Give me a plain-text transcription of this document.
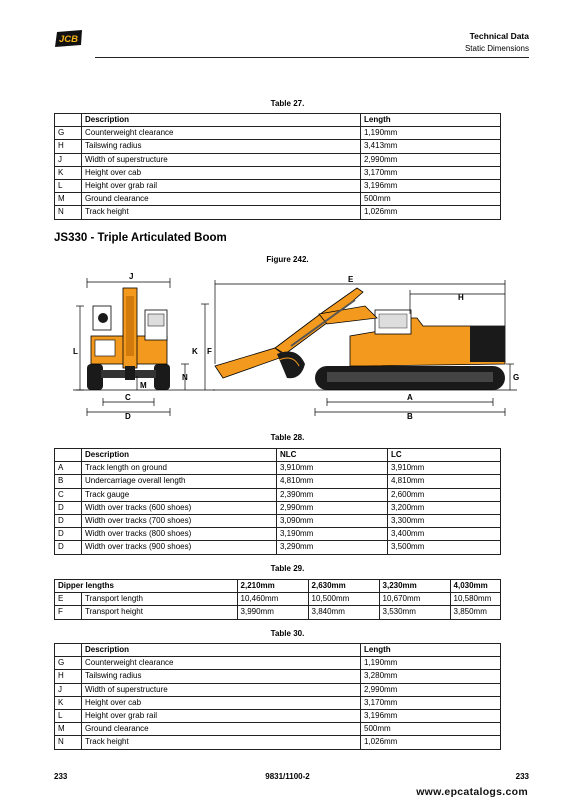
JCB	Technical Data
Static Dimensions
Table 27.
	Description	Length
G	Counterweight clearance	1,190mm
H	Tailswing radius	3,413mm
J	Width of superstructure	2,990mm
K	Height over cab	3,170mm
L	Height over grab rail	3,196mm
M	Ground clearance	500mm
N	Track height	1,026mm
JS330 - Triple Articulated Boom
Figure 242.
J
L	K
N
M
C
D
F
E
H
G
A
B
Table 28.
	Description	NLC	LC
A	Track length on ground	3,910mm	3,910mm
B	Undercarriage overall length	4,810mm	4,810mm
C	Track gauge	2,390mm	2,600mm
D	Width over tracks (600 shoes)	2,990mm	3,200mm
D	Width over tracks (700 shoes)	3,090mm	3,300mm
D	Width over tracks (800 shoes)	3,190mm	3,400mm
D	Width over tracks (900 shoes)	3,290mm	3,500mm
Table 29.
Dipper lengths		2,210mm	2,630mm	3,230mm	4,030mm
E	Transport length	10,460mm	10,500mm	10,670mm	10,580mm
F	Transport height	3,990mm	3,840mm	3,530mm	3,850mm
Table 30.
	Description	Length
G	Counterweight clearance	1,190mm
H	Tailswing radius	3,280mm
J	Width of superstructure	2,990mm
K	Height over cab	3,170mm
L	Height over grab rail	3,196mm
M	Ground clearance	500mm
N	Track height	1,026mm
233	9831/1100-2	233
www.epcatalogs.com
